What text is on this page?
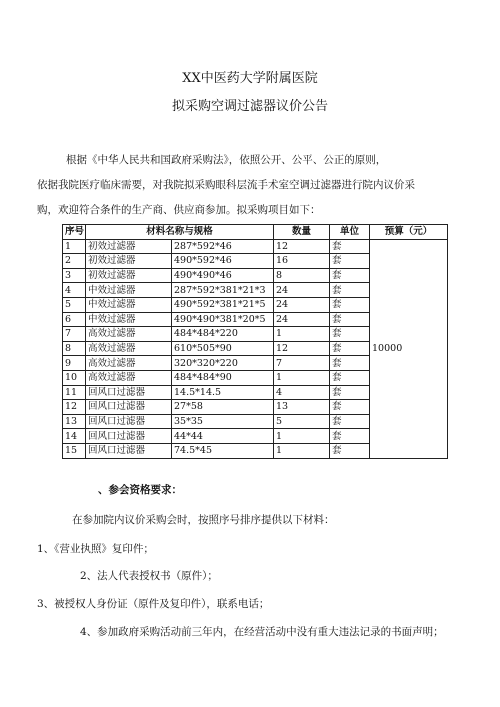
XX中医药大学附属医院
拟采购空调过滤器议价公告
根据《中华人民共和国政府采购法》，依照公开、公平、公正的原则，
依据我院医疗临床需要，对我院拟采购眼科层流手术室空调过滤器进行院内议价采
购，欢迎符合条件的生产商、供应商参加。拟采购项目如下：
序号	材料名称与规格		数量	单位	预算（元）
1	初效过滤器	287*592*46	12	套	10000
2	初效过滤器	490*592*46	16	套	
3	初效过滤器	490*490*46	8	套	
4	中效过滤器	287*592*381*21*3	24	套	
5	中效过滤器	490*592*381*21*5	24	套	
6	中效过滤器	490*490*381*20*5	24	套	
7	高效过滤器	484*484*220	1	套	
8	高效过滤器	610*505*90	12	套	
9	高效过滤器	320*320*220	7	套	
10	高效过滤器	484*484*90	1	套	
11	回风口过滤器	14.5*14.5	4	套	
12	回风口过滤器	27*58	13	套	
13	回风口过滤器	35*35	5	套	
14	回风口过滤器	44*44	1	套	
15	回风口过滤器	74.5*45	1	套	
、参会资格要求：
在参加院内议价采购会时，按照序号排序提供以下材料：
1、《营业执照》复印件；
2、法人代表授权书（原件）；
3、被授权人身份证（原件及复印件），联系电话；
4、参加政府采购活动前三年内，在经营活动中没有重大违法记录的书面声明；
